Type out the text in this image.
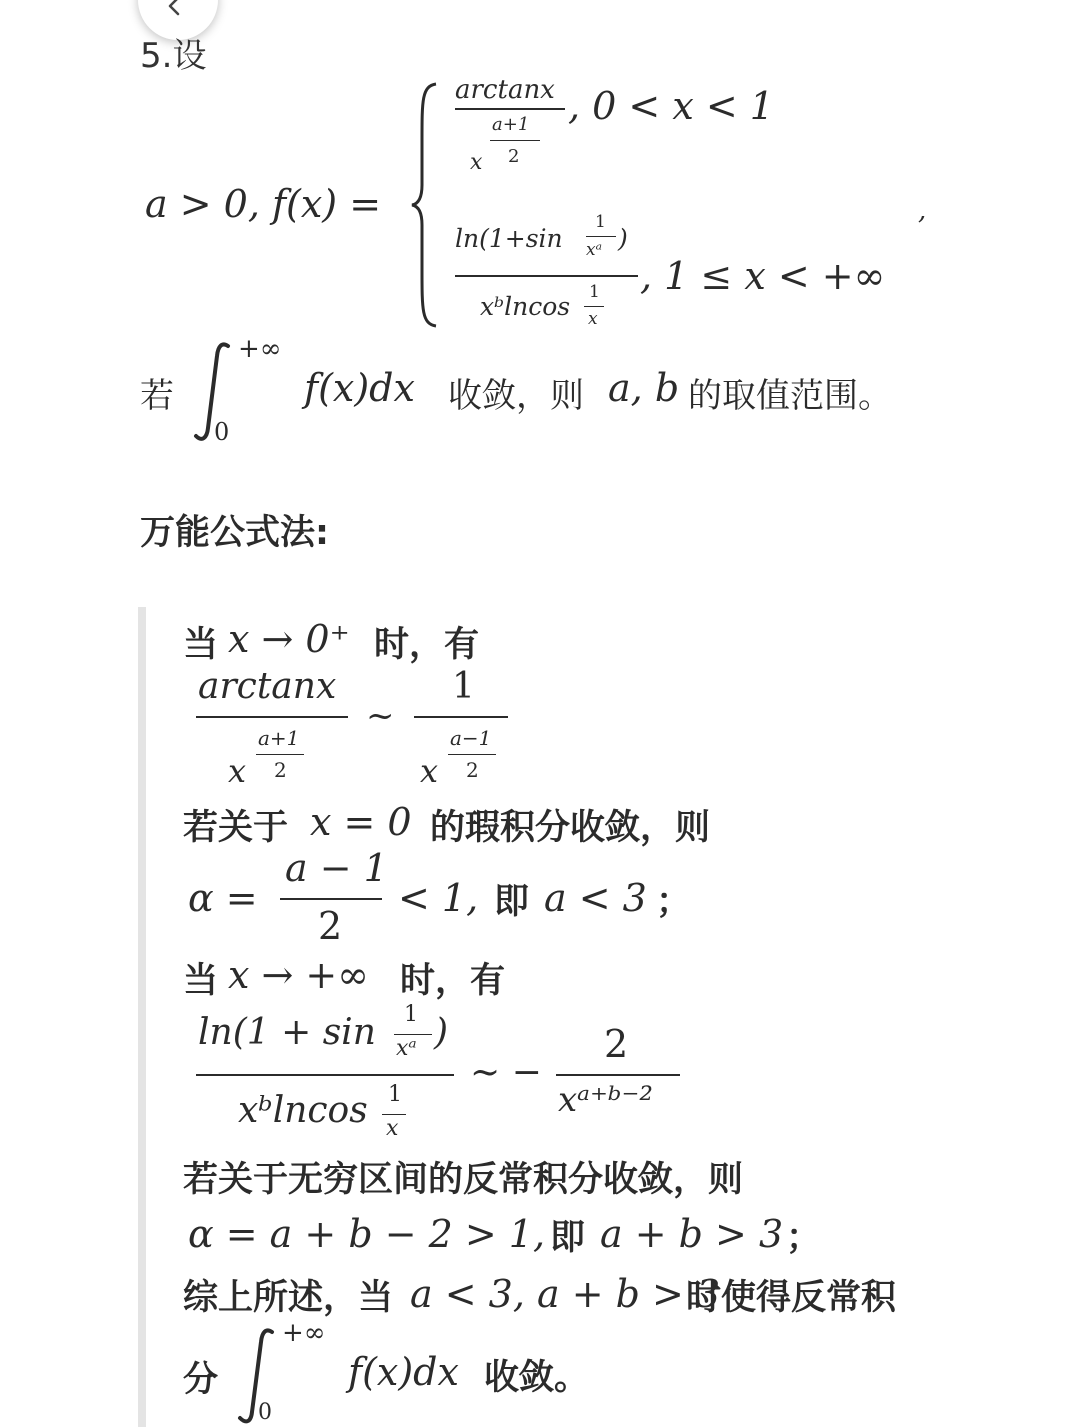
5.设
a > 0, f(x) =
arctanx
x
a+1
2
, 0 < x < 1
ln(1+sin
1
xᵃ )
xᵇlncos 1
x
, 1 ≤ x < +∞
,
若
+∞
0
f(x)dx 收敛，则 a, b 的取值范围。
万能公式法:
当 x → 0⁺ 时，有
arctanx
x
a+1
2
~
1
x
a−1
2
若关于 x = 0 的瑕积分收敛，则
α =
a − 1
2
< 1, 即 a < 3 ；
当 x → +∞ 时，有
ln(1 + sin 1
xᵃ )
xᵇlncos 1
x
~ −
2
xᵃ⁺ᵇ⁻²
若关于无穷区间的反常积分收敛，则
α = a + b − 2 > 1, 即 a + b > 3 ；
综上所述，当 a < 3, a + b > 3
时使得反常积
分
+∞
0
f(x)dx 收敛。
